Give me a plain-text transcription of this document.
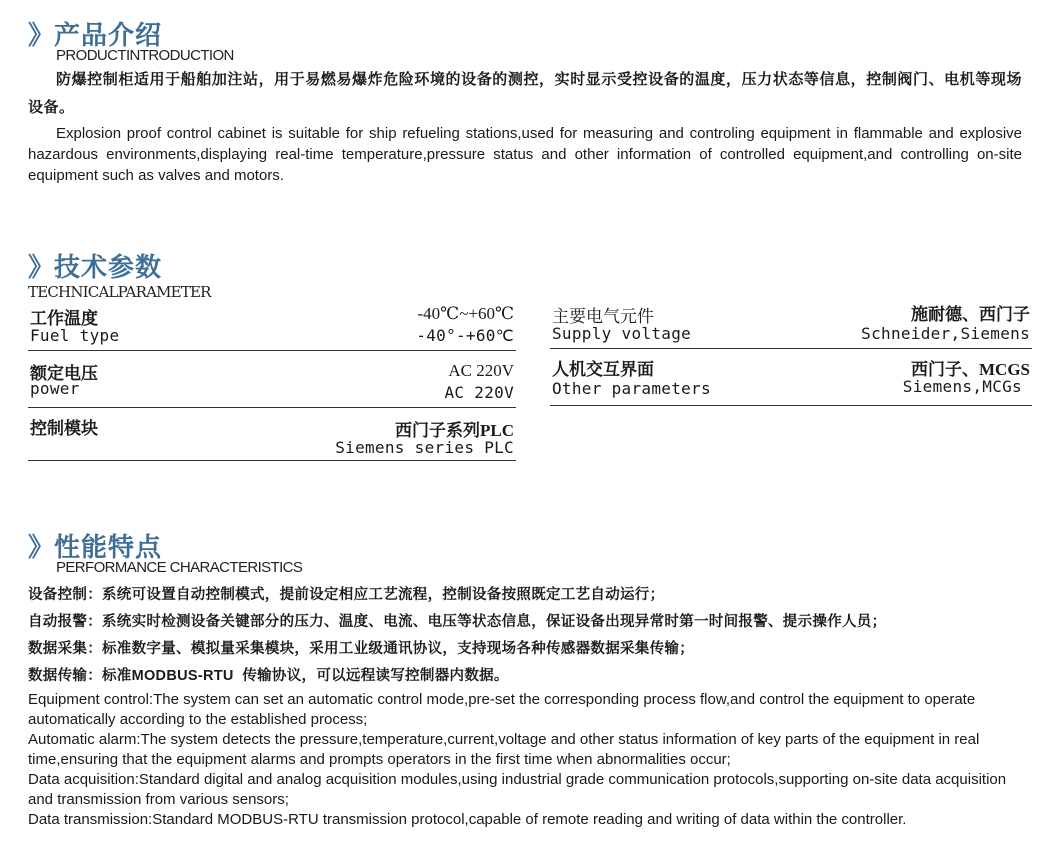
》 产品介绍
PRODUCTINTRODUCTION
防爆控制柜适用于船舶加注站，用于易燃易爆炸危险环境的设备的测控，实时显示受控设备的温度，压力状态等信息，控制阀门、电机等现场设备。
Explosion proof control cabinet is suitable for ship refueling stations,used for measuring and controling equipment in flammable and explosive hazardous environments,displaying real-time temperature,pressure status and other information of controlled equipment,and controlling on-site equipment such as valves and motors.
》 技术参数
TECHNICALPARAMETER
工作温度
Fuel type
-40℃~+60℃
-40°-+60℃
额定电压
power
AC 220V
AC 220V
控制模块	西门子系列PLC
Siemens series PLC
主要电气元件
Supply voltage
施耐德、西门子
Schneider,Siemens
人机交互界面
Other parameters
西门子、MCGS
Siemens,MCGs
》 性能特点
PERFORMANCE CHARACTERISTICS
设备控制：系统可设置自动控制模式，提前设定相应工艺流程，控制设备按照既定工艺自动运行；
自动报警：系统实时检测设备关键部分的压力、温度、电流、电压等状态信息，保证设备出现异常时第一时间报警、提示操作人员；
数据采集：标准数字量、模拟量采集模块，采用工业级通讯协议，支持现场各种传感器数据采集传输；
数据传输：标准MODBUS-RTU  传输协议，可以远程读写控制器内数据。
Equipment control:The system can set an automatic control mode,pre-set the corresponding process flow,and control the equipment to operate automatically according to the established process;
Automatic alarm:The system detects the pressure,temperature,current,voltage and other status information of key parts of the equipment in real time,ensuring that the equipment alarms and prompts operators in the first time when abnormalities occur;
Data acquisition:Standard digital and analog acquisition modules,using industrial grade communication protocols,supporting on-site data acquisition and transmission from various sensors;
Data transmission:Standard MODBUS-RTU transmission protocol,capable of remote reading and writing of data within the controller.
